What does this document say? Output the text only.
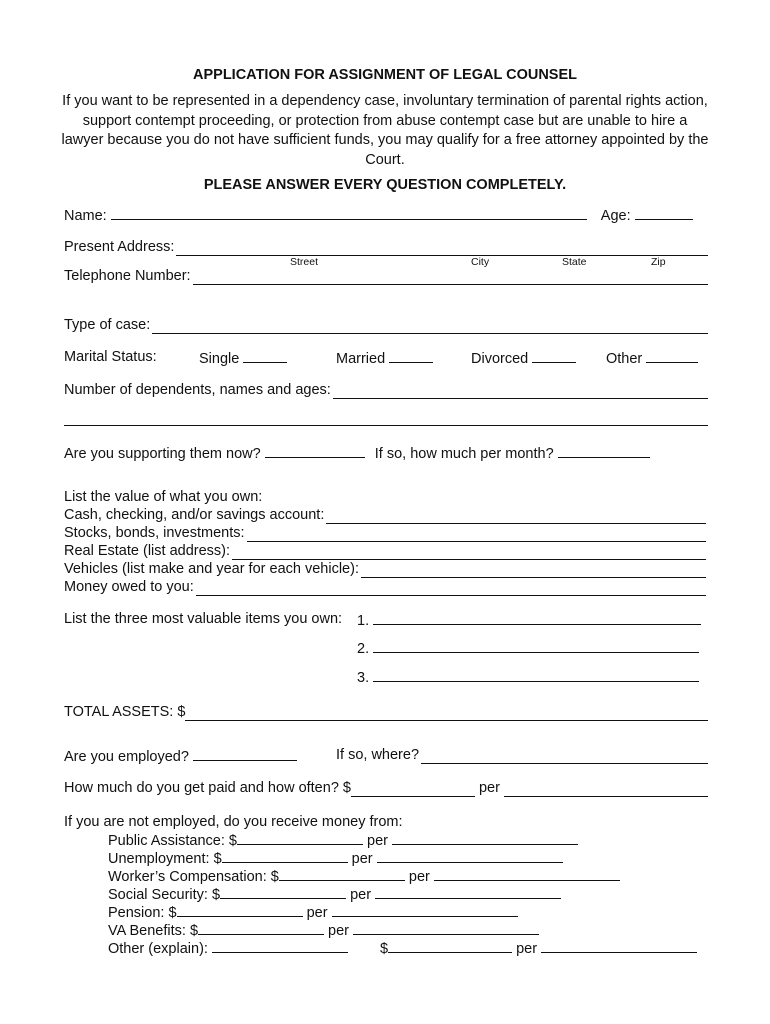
APPLICATION FOR ASSIGNMENT OF LEGAL COUNSEL
If you want to be represented in a dependency case, involuntary termination of parental rights action, support contempt proceeding, or protection from abuse contempt case but are unable to hire a lawyer because you do not have sufficient funds, you may qualify for a free attorney appointed by the Court.
PLEASE ANSWER EVERY QUESTION COMPLETELY.
Name:	Age:
Present Address:
Street	City	State	Zip
Telephone Number:
Type of case:
Marital Status:	Single	Married	Divorced	Other
Number of dependents, names and ages:
Are you supporting them now?	If so, how much per month?
List the value of what you own:
Cash, checking, and/or savings account:
Stocks, bonds, investments:
Real Estate (list address):
Vehicles (list make and year for each vehicle):
Money owed to you:
List the three most valuable items you own: 1.
2.
3.
TOTAL ASSETS: $
Are you employed?	If so, where?
How much do you get paid and how often? $	per
If you are not employed, do you receive money from:
Public Assistance: $	per
Unemployment: $	per
Worker’s Compensation: $	per
Social Security: $	per
Pension: $	per
VA Benefits: $	per
Other (explain):	$	per
